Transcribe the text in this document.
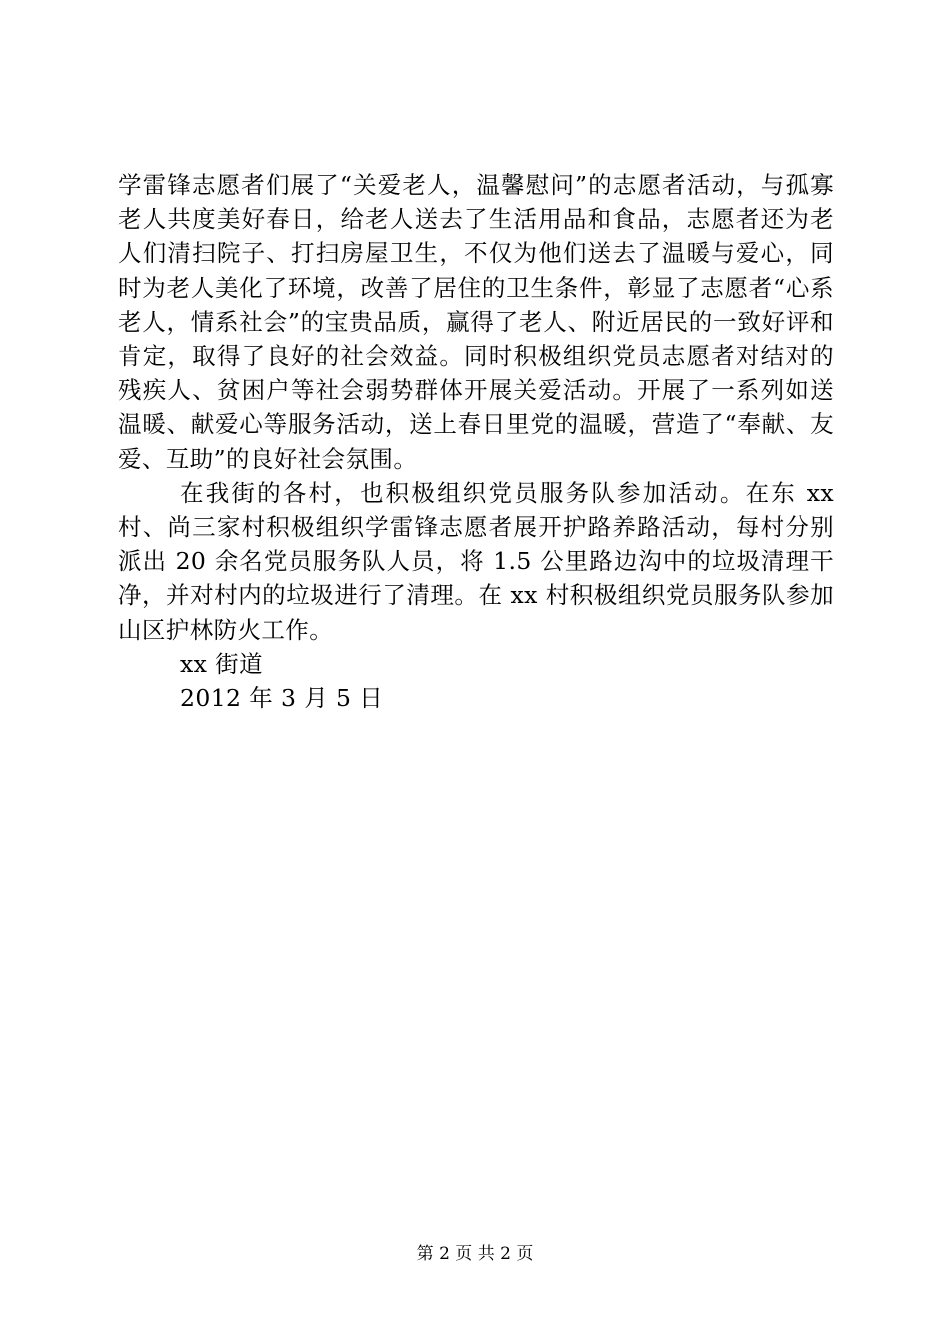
学雷锋志愿者们展了“关爱老人，温馨慰问”的志愿者活动，与孤寡老人共度美好春日，给老人送去了生活用品和食品，志愿者还为老人们清扫院子、打扫房屋卫生，不仅为他们送去了温暖与爱心，同时为老人美化了环境，改善了居住的卫生条件，彰显了志愿者“心系老人，情系社会”的宝贵品质，赢得了老人、附近居民的一致好评和肯定，取得了良好的社会效益。同时积极组织党员志愿者对结对的残疾人、贫困户等社会弱势群体开展关爱活动。开展了一系列如送温暖、献爱心等服务活动，送上春日里党的温暖，营造了“奉献、友爱、互助”的良好社会氛围。

在我街的各村，也积极组织党员服务队参加活动。在东 xx 村、尚三家村积极组织学雷锋志愿者展开护路养路活动，每村分别派出 20 余名党员服务队人员，将 1.5 公里路边沟中的垃圾清理干净，并对村内的垃圾进行了清理。在 xx 村积极组织党员服务队参加山区护林防火工作。

xx 街道

2012 年 3 月 5 日

第 2 页 共 2 页
